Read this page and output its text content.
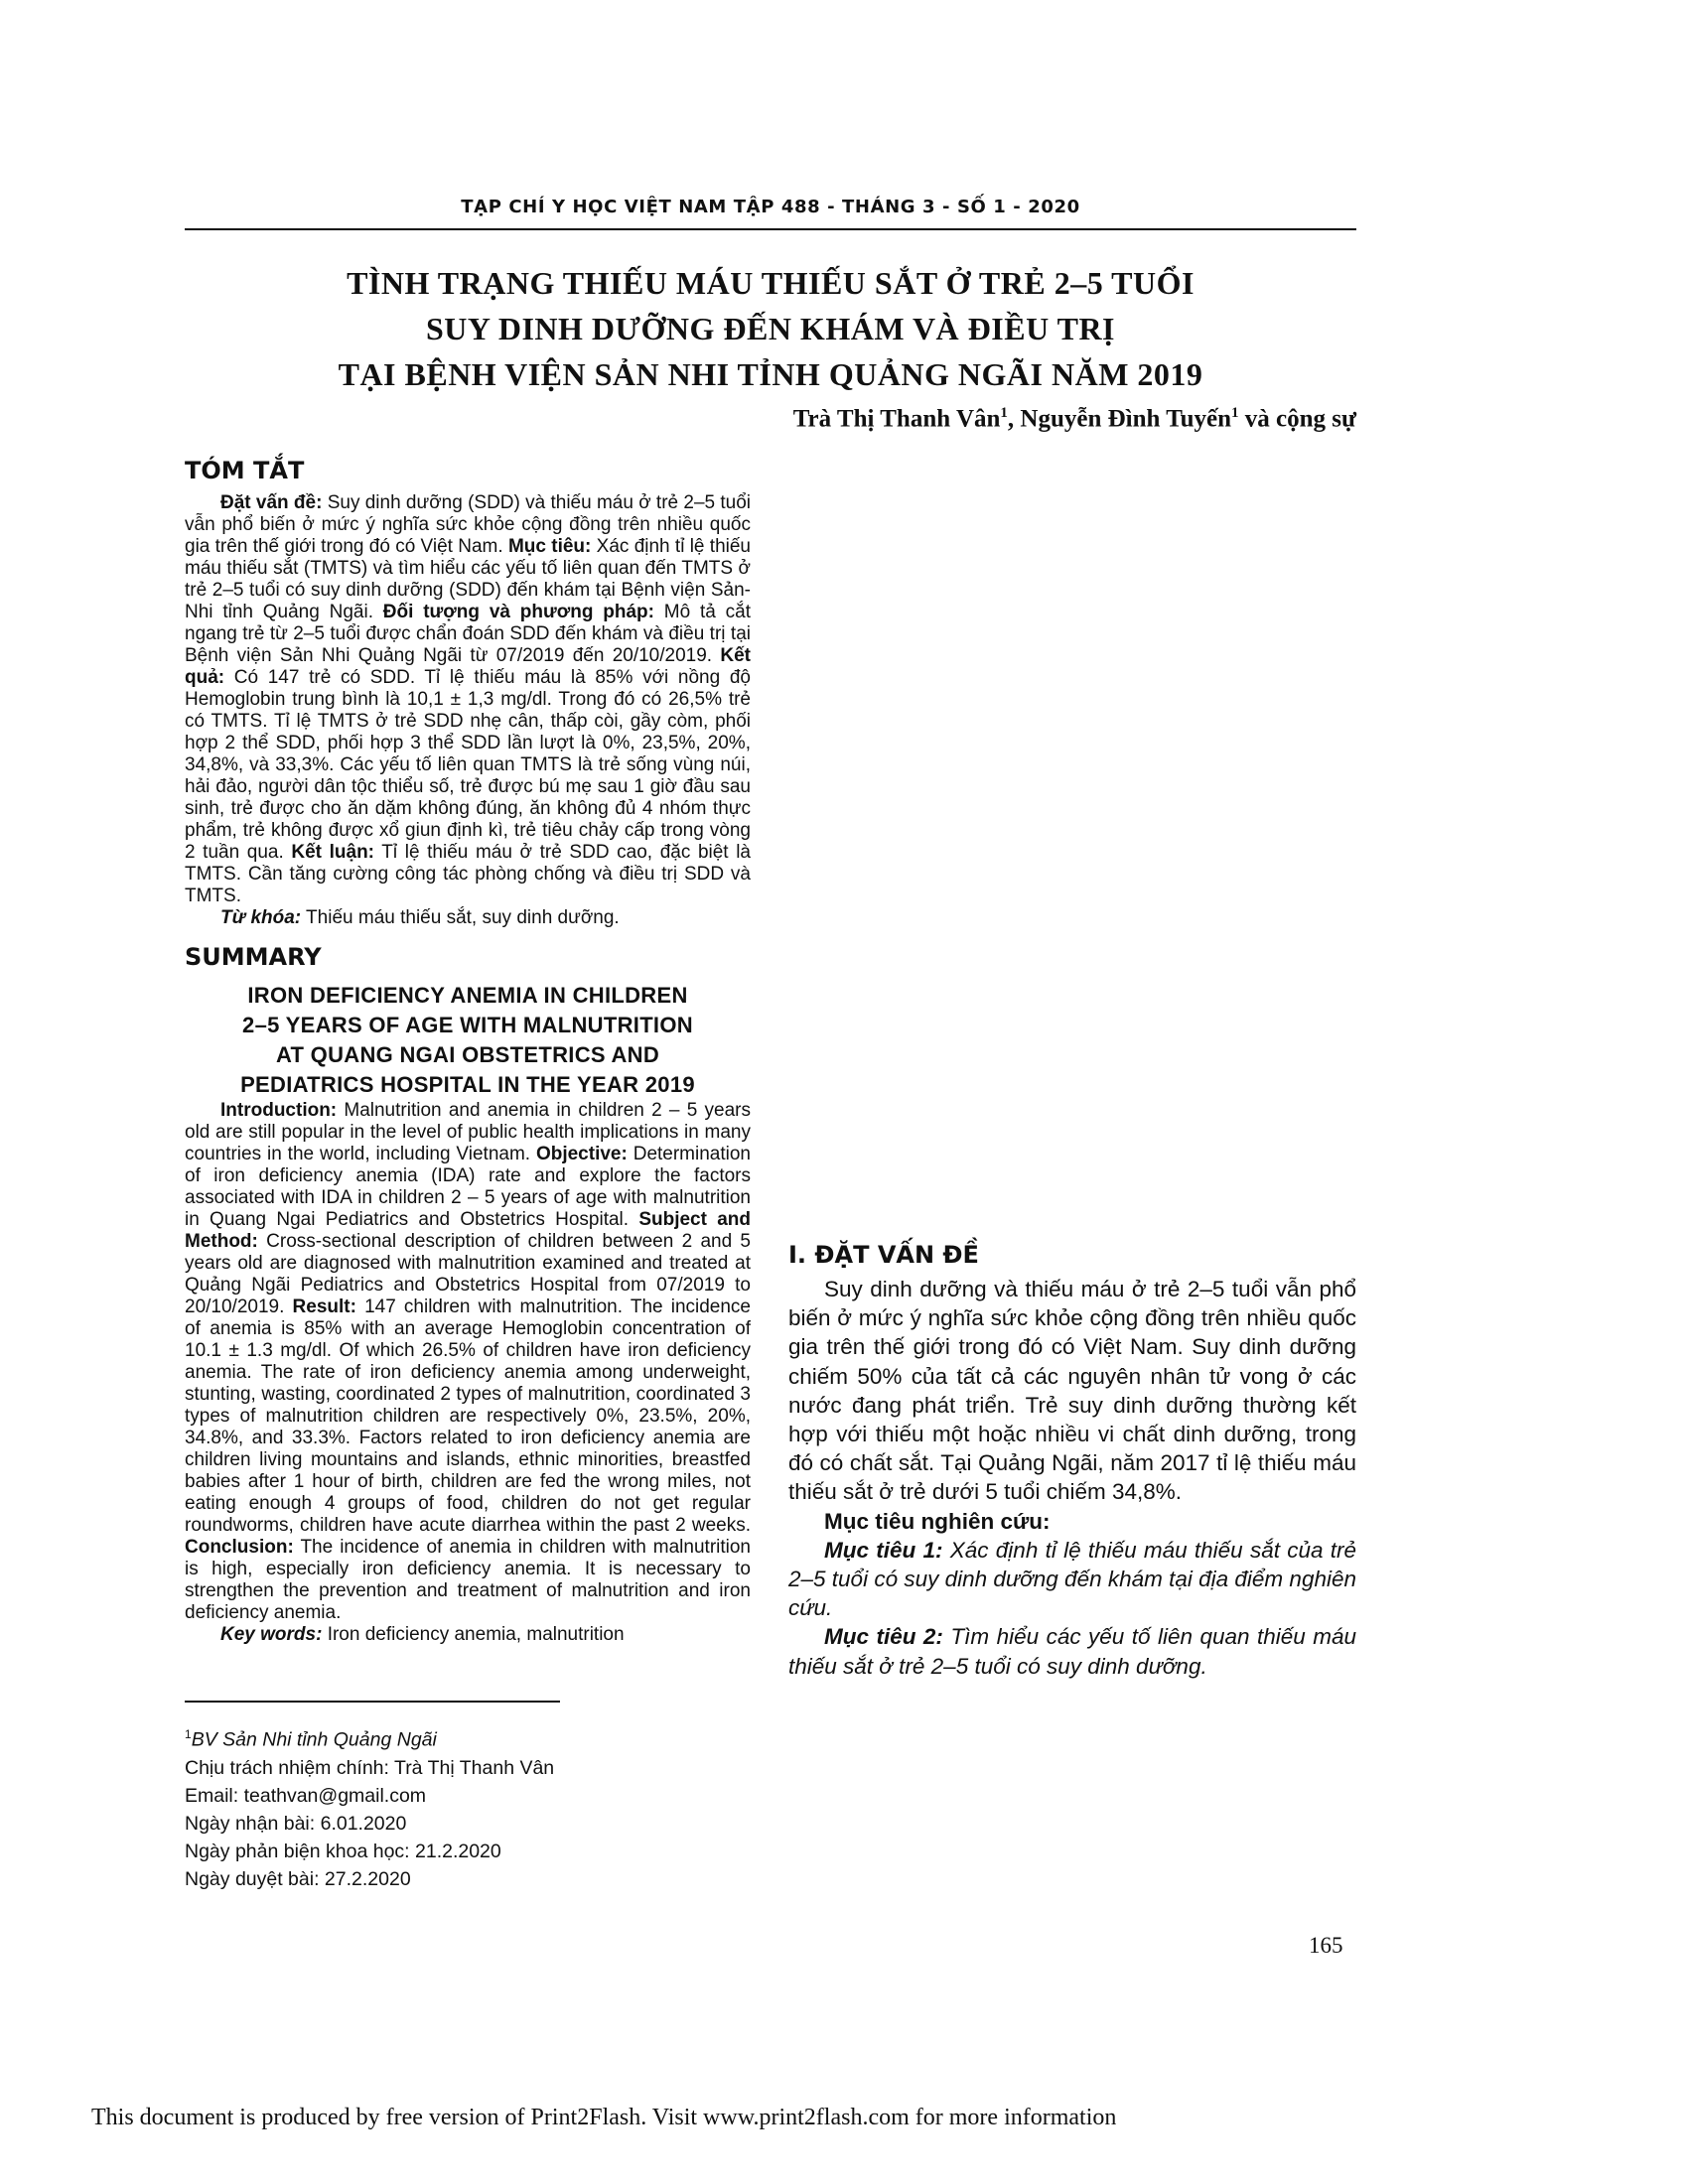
TẠP CHÍ Y HỌC VIỆT NAM TẬP 488 - THÁNG 3 - SỐ 1 - 2020
TÌNH TRẠNG THIẾU MÁU THIẾU SẮT Ở TRẺ 2–5 TUỔI
SUY DINH DƯỠNG ĐẾN KHÁM VÀ ĐIỀU TRỊ
TẠI BỆNH VIỆN SẢN NHI TỈNH QUẢNG NGÃI NĂM 2019
Trà Thị Thanh Vân$^1$, Nguyễn Đình Tuyến$^1$ và cộng sự
TÓM TẮT

Đặt vấn đề: Suy dinh dưỡng (SDD) và thiếu máu ở trẻ 2–5 tuổi vẫn phổ biến ở mức ý nghĩa sức khỏe cộng đồng trên nhiều quốc gia trên thế giới trong đó có Việt Nam. Mục tiêu: Xác định tỉ lệ thiếu máu thiếu sắt (TMTS) và tìm hiểu các yếu tố liên quan đến TMTS ở trẻ 2–5 tuổi có suy dinh dưỡng (SDD) đến khám tại Bệnh viện Sản-Nhi tỉnh Quảng Ngãi. Đối tượng và phương pháp: Mô tả cắt ngang trẻ từ 2–5 tuổi được chẩn đoán SDD đến khám và điều trị tại Bệnh viện Sản Nhi Quảng Ngãi từ 07/2019 đến 20/10/2019. Kết quả: Có 147 trẻ có SDD. Tỉ lệ thiếu máu là 85% với nồng độ Hemoglobin trung bình là 10,1 ± 1,3 mg/dl. Trong đó có 26,5% trẻ có TMTS. Tỉ lệ TMTS ở trẻ SDD nhẹ cân, thấp còi, gầy còm, phối hợp 2 thể SDD, phối hợp 3 thể SDD lần lượt là 0%, 23,5%, 20%, 34,8%, và 33,3%. Các yếu tố liên quan TMTS là trẻ sống vùng núi, hải đảo, người dân tộc thiểu số, trẻ được bú mẹ sau 1 giờ đầu sau sinh, trẻ được cho ăn dặm không đúng, ăn không đủ 4 nhóm thực phẩm, trẻ không được xổ giun định kì, trẻ tiêu chảy cấp trong vòng 2 tuần qua. Kết luận: Tỉ lệ thiếu máu ở trẻ SDD cao, đặc biệt là TMTS. Cần tăng cường công tác phòng chống và điều trị SDD và TMTS.

Từ khóa: Thiếu máu thiếu sắt, suy dinh dưỡng.

SUMMARY
IRON DEFICIENCY ANEMIA IN CHILDREN
2–5 YEARS OF AGE WITH MALNUTRITION
AT QUANG NGAI OBSTETRICS AND
PEDIATRICS HOSPITAL IN THE YEAR 2019

Introduction: Malnutrition and anemia in children 2 – 5 years old are still popular in the level of public health implications in many countries in the world, including Vietnam. Objective: Determination of iron deficiency anemia (IDA) rate and explore the factors associated with IDA in children 2 – 5 years of age with malnutrition in Quang Ngai Pediatrics and Obstetrics Hospital. Subject and Method: Cross-sectional description of children between 2 and 5 years old are diagnosed with malnutrition examined and treated at Quảng Ngãi Pediatrics and Obstetrics Hospital from 07/2019 to 20/10/2019. Result: 147 children with malnutrition. The incidence of anemia is 85% with an average Hemoglobin concentration of 10.1 ± 1.3 mg/dl. Of which 26.5% of children have iron deficiency anemia. The rate of iron deficiency anemia among underweight, stunting, wasting, coordinated 2 types of malnutrition, coordinated 3 types of malnutrition children are respectively 0%, 23.5%, 20%, 34.8%, and 33.3%. Factors related to iron deficiency anemia are children living mountains and islands, ethnic minorities, breastfed babies after 1 hour of birth, children are fed the wrong miles, not eating enough 4 groups of food, children do not get regular roundworms, children have acute diarrhea within the past 2 weeks. Conclusion: The incidence of anemia in children with malnutrition is high, especially iron deficiency anemia. It is necessary to strengthen the prevention and treatment of malnutrition and iron deficiency anemia.

Key words: Iron deficiency anemia, malnutrition

I. ĐẶT VẤN ĐỀ

Suy dinh dưỡng và thiếu máu ở trẻ 2–5 tuổi vẫn phổ biến ở mức ý nghĩa sức khỏe cộng đồng trên nhiều quốc gia trên thế giới trong đó có Việt Nam. Suy dinh dưỡng chiếm 50% của tất cả các nguyên nhân tử vong ở các nước đang phát triển. Trẻ suy dinh dưỡng thường kết hợp với thiếu một hoặc nhiều vi chất dinh dưỡng, trong đó có chất sắt. Tại Quảng Ngãi, năm 2017 tỉ lệ thiếu máu thiếu sắt ở trẻ dưới 5 tuổi chiếm 34,8%.

Mục tiêu nghiên cứu:

Mục tiêu 1: Xác định tỉ lệ thiếu máu thiếu sắt của trẻ 2–5 tuổi có suy dinh dưỡng đến khám tại địa điểm nghiên cứu.

Mục tiêu 2: Tìm hiểu các yếu tố liên quan thiếu máu thiếu sắt ở trẻ 2–5 tuổi có suy dinh dưỡng.

$^1$BV Sản Nhi tỉnh Quảng Ngãi
Chịu trách nhiệm chính: Trà Thị Thanh Vân
Email: teathvan@gmail.com
Ngày nhận bài: 6.01.2020
Ngày phản biện khoa học: 21.2.2020
Ngày duyệt bài: 27.2.2020
165
This document is produced by free version of Print2Flash. Visit www.print2flash.com for more information
